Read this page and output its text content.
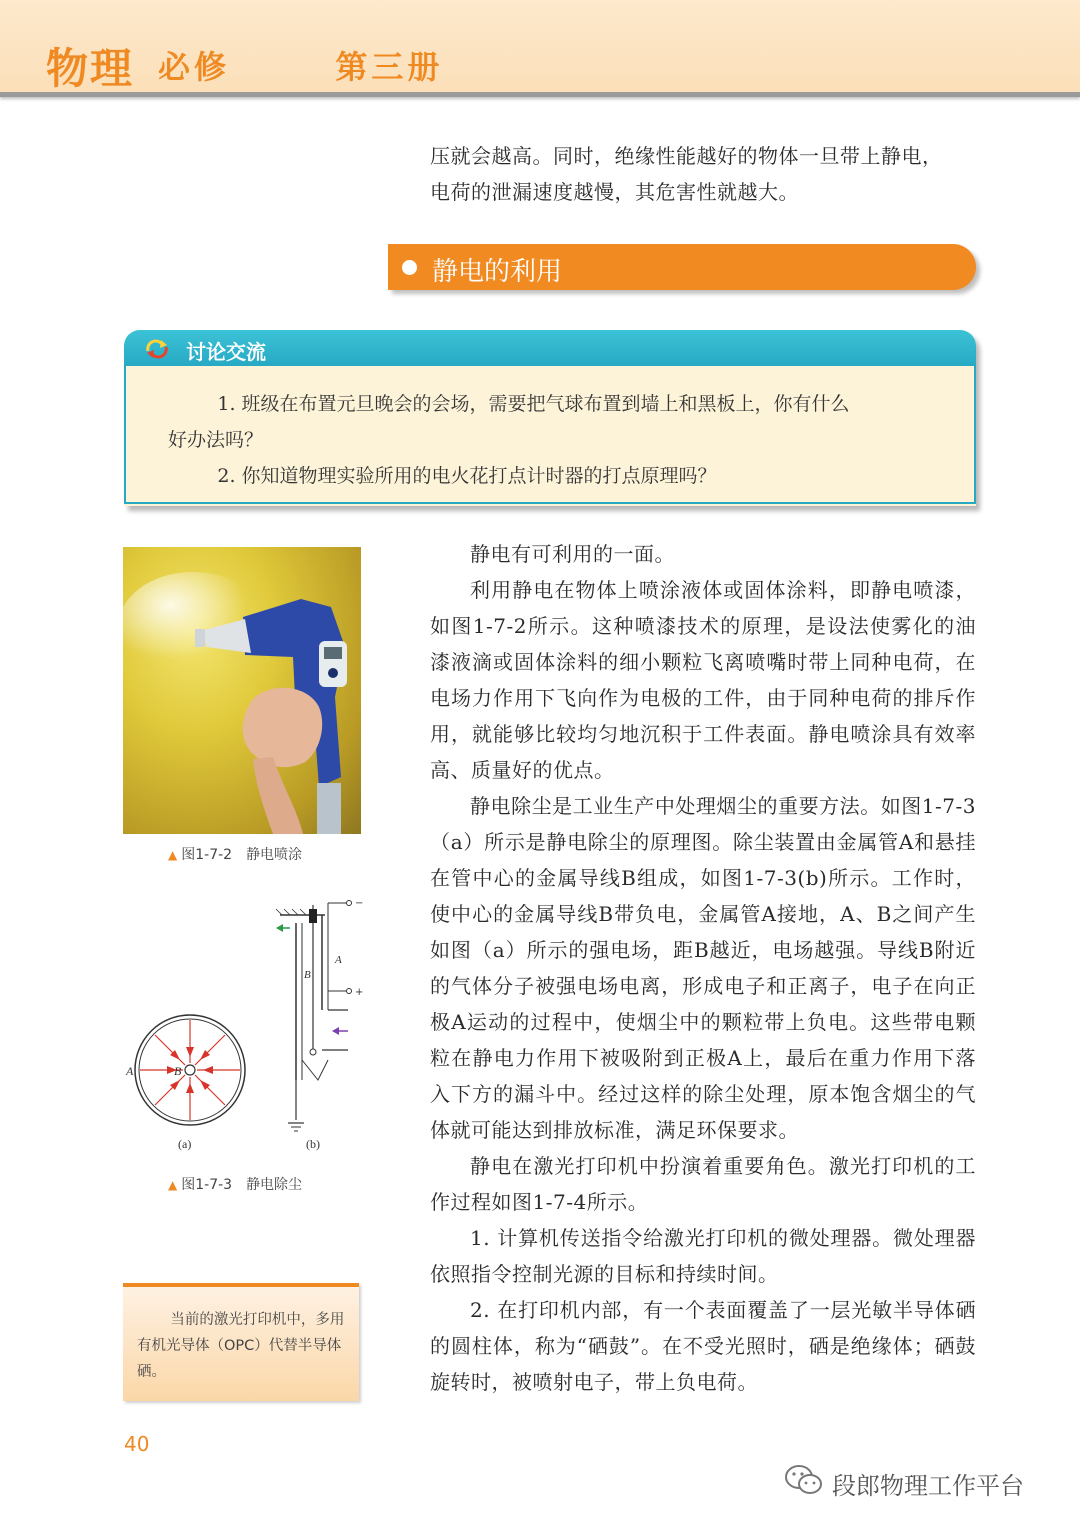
物理 必修   第三册

压就会越高。同时，绝缘性能越好的物体一旦带上静电，

电荷的泄漏速度越慢，其危害性就越大。

静电的利用
讨论交流

1. 班级在布置元旦晚会的会场，需要把气球布置到墙上和黑板上，你有什么

好办法吗？

2. 你知道物理实验所用的电火花打点计时器的打点原理吗？

▲ 图1-7-2 静电喷涂
A	B
(a)
−
+
B
A
(b)
▲ 图1-7-3 静电除尘

静电有可利用的一面。

利用静电在物体上喷涂液体或固体涂料，即静电喷漆，如图1-7-2所示。这种喷漆技术的原理，是设法使雾化的油漆液滴或固体涂料的细小颗粒飞离喷嘴时带上同种电荷，在电场力作用下飞向作为电极的工件，由于同种电荷的排斥作用，就能够比较均匀地沉积于工件表面。静电喷涂具有效率高、质量好的优点。

静电除尘是工业生产中处理烟尘的重要方法。如图1-7-3（a）所示是静电除尘的原理图。除尘装置由金属管A和悬挂在管中心的金属导线B组成，如图1-7-3(b)所示。工作时，使中心的金属导线B带负电，金属管A接地，A、B之间产生如图（a）所示的强电场，距B越近，电场越强。导线B附近的气体分子被强电场电离，形成电子和正离子，电子在向正极A运动的过程中，使烟尘中的颗粒带上负电。这些带电颗粒在静电力作用下被吸附到正极A上，最后在重力作用下落入下方的漏斗中。经过这样的除尘处理，原本饱含烟尘的气体就可能达到排放标准，满足环保要求。

静电在激光打印机中扮演着重要角色。激光打印机的工作过程如图1-7-4所示。

1. 计算机传送指令给激光打印机的微处理器。微处理器依照指令控制光源的目标和持续时间。

2. 在打印机内部，有一个表面覆盖了一层光敏半导体硒的圆柱体，称为“硒鼓”。在不受光照时，硒是绝缘体；硒鼓旋转时，被喷射电子，带上负电荷。

当前的激光打印机中，多用有机光导体（OPC）代替半导体硒。

40
段郎物理工作平台
